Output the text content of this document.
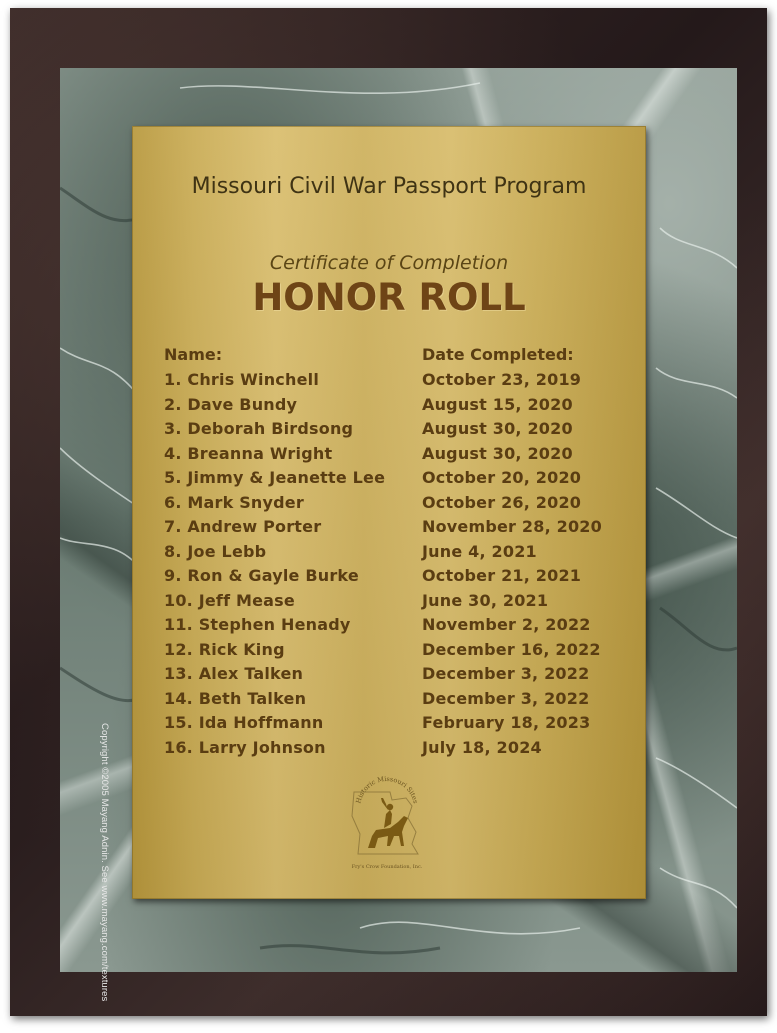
Copyright ©2005 Mayang Adnin. See www.mayang.com/textures
Missouri Civil War Passport Program
Certificate of Completion
HONOR ROLL
Name:	Date Completed:
1. Chris Winchell	October 23, 2019
2. Dave Bundy	August 15, 2020
3. Deborah Birdsong	August 30, 2020
4. Breanna Wright	August 30, 2020
5. Jimmy & Jeanette Lee October 20, 2020
6. Mark Snyder	October 26, 2020
7. Andrew Porter	November 28, 2020
8. Joe Lebb	June 4, 2021
9. Ron & Gayle Burke	October 21, 2021
10. Jeff Mease	June 30, 2021
11. Stephen Henady	November 2, 2022
12. Rick King	December 16, 2022
13. Alex Talken	December 3, 2022
14. Beth Talken	December 3, 2022
15. Ida Hoffmann	February 18, 2023
16. Larry Johnson	July 18, 2024
Historic Missouri Sites
Fry's Crow Foundation, Inc.
